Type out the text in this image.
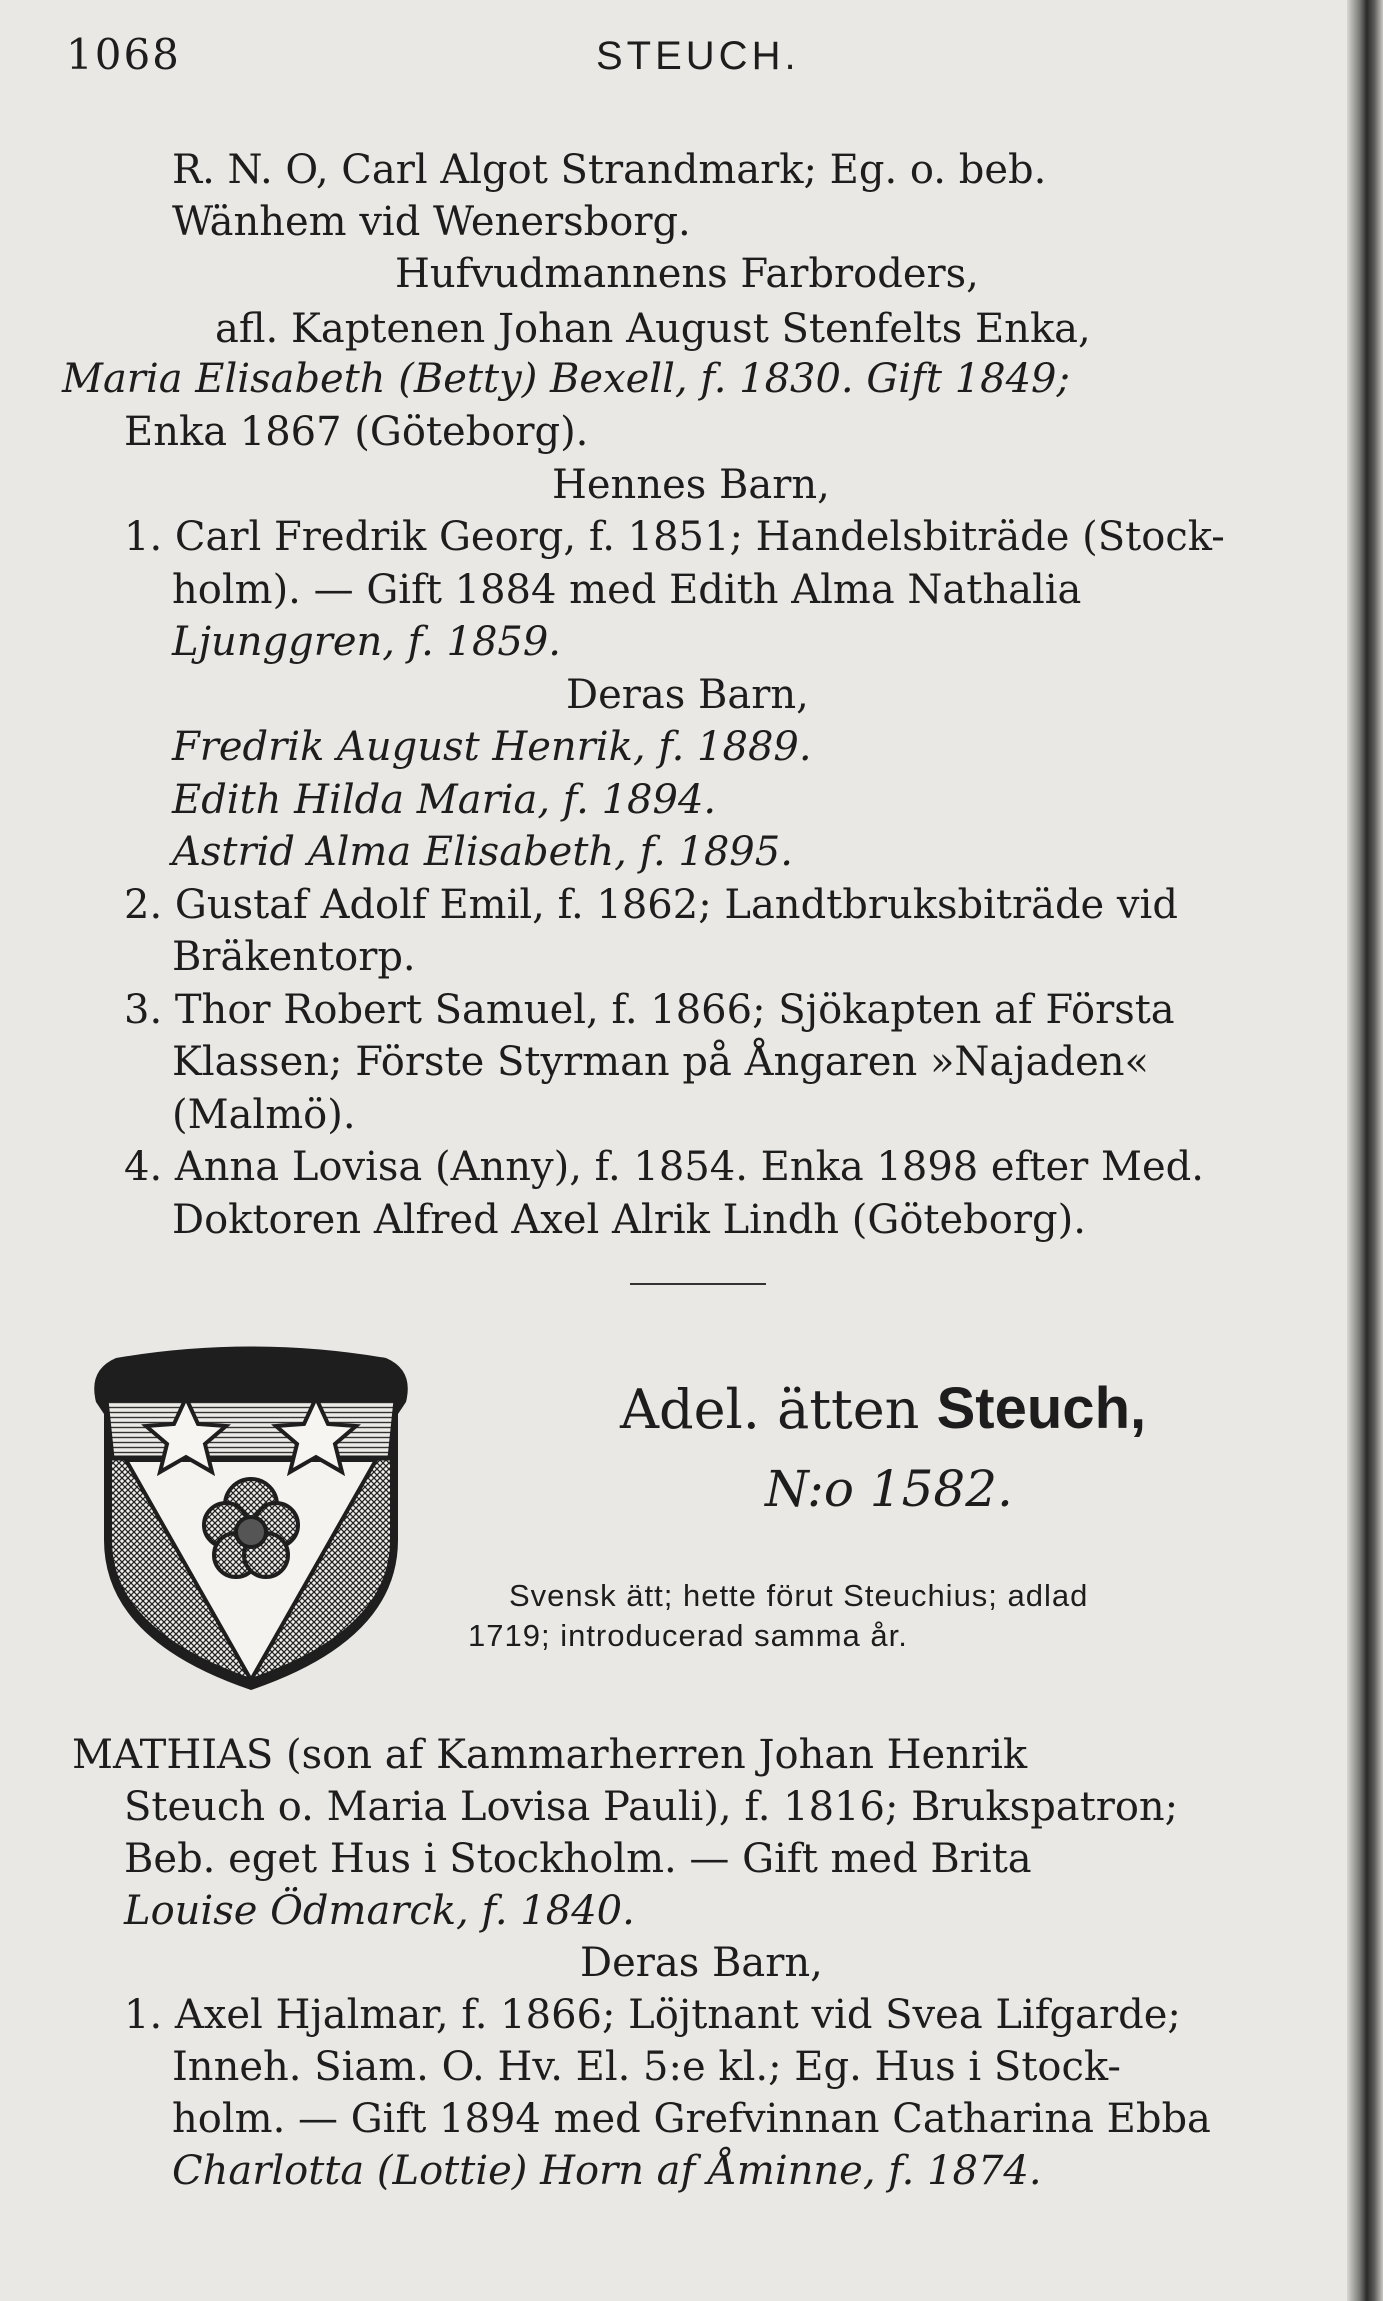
1068	STEUCH.
R. N. O, Carl Algot Strandmark; Eg. o. beb.
Wänhem vid Wenersborg.
Hufvudmannens Farbroders,
afl. Kaptenen Johan August Stenfelts Enka,
Maria Elisabeth (Betty) Bexell, f. 1830. Gift 1849;
Enka 1867 (Göteborg).
Hennes Barn,
1. Carl Fredrik Georg, f. 1851; Handelsbiträde (Stock-
holm). — Gift 1884 med Edith Alma Nathalia
Ljunggren, f. 1859.
Deras Barn,
Fredrik August Henrik, f. 1889.
Edith Hilda Maria, f. 1894.
Astrid Alma Elisabeth, f. 1895.
2. Gustaf Adolf Emil, f. 1862; Landtbruksbiträde vid
Bräkentorp.
3. Thor Robert Samuel, f. 1866; Sjökapten af Första
Klassen; Förste Styrman på Ångaren »Najaden«
(Malmö).
4. Anna Lovisa (Anny), f. 1854. Enka 1898 efter Med.
Doktoren Alfred Axel Alrik Lindh (Göteborg).
Adel. ätten Steuch,
N:o 1582.
Svensk ätt; hette förut Steuchius; adlad
1719; introducerad samma år.
MATHIAS (son af Kammarherren Johan Henrik
Steuch o. Maria Lovisa Pauli), f. 1816; Brukspatron;
Beb. eget Hus i Stockholm. — Gift med Brita
Louise Ödmarck, f. 1840.
Deras Barn,
1. Axel Hjalmar, f. 1866; Löjtnant vid Svea Lifgarde;
Inneh. Siam. O. Hv. El. 5:e kl.; Eg. Hus i Stock-
holm. — Gift 1894 med Grefvinnan Catharina Ebba
Charlotta (Lottie) Horn af Åminne, f. 1874.
